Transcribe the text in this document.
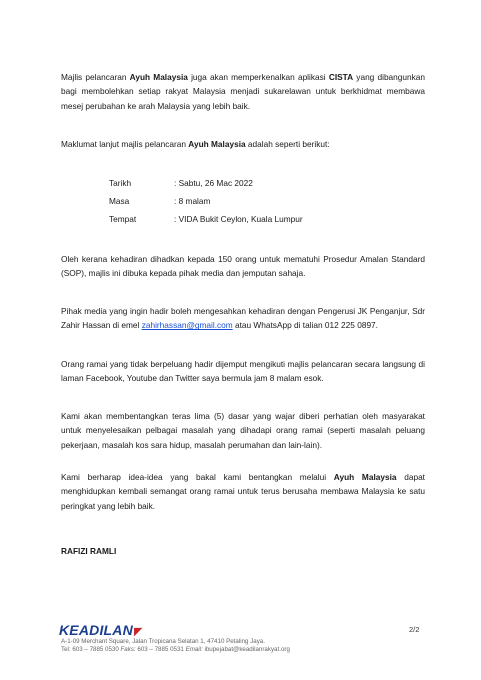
Majlis pelancaran Ayuh Malaysia juga akan memperkenalkan aplikasi CISTA yang dibangunkan bagi membolehkan setiap rakyat Malaysia menjadi sukarelawan untuk berkhidmat membawa mesej perubahan ke arah Malaysia yang lebih baik.

Maklumat lanjut majlis pelancaran Ayuh Malaysia adalah seperti berikut:

Tarikh	: Sabtu, 26 Mac 2022
Masa	: 8 malam
Tempat	: VIDA Bukit Ceylon, Kuala Lumpur

Oleh kerana kehadiran dihadkan kepada 150 orang untuk mematuhi Prosedur Amalan Standard (SOP), majlis ini dibuka kepada pihak media dan jemputan sahaja.

Pihak media yang ingin hadir boleh mengesahkan kehadiran dengan Pengerusi JK Penganjur, Sdr Zahir Hassan di emel zahirhassan@gmail.com atau WhatsApp di talian 012 225 0897.

Orang ramai yang tidak berpeluang hadir dijemput mengikuti majlis pelancaran secara langsung di laman Facebook, Youtube dan Twitter saya bermula jam 8 malam esok.

Kami akan membentangkan teras lima (5) dasar yang wajar diberi perhatian oleh masyarakat untuk menyelesaikan pelbagai masalah yang dihadapi orang ramai (seperti masalah peluang pekerjaan, masalah kos sara hidup, masalah perumahan dan lain-lain).

Kami berharap idea-idea yang bakal kami bentangkan melalui Ayuh Malaysia dapat menghidupkan kembali semangat orang ramai untuk terus berusaha membawa Malaysia ke satu peringkat yang lebih baik.

RAFIZI RAMLI
KEADILAN◤
A-1-09 Merchant Square, Jalan Tropicana Selatan 1, 47410 Petaling Jaya.
Tel: 603 – 7885 0530 Faks: 603 – 7885 0531 Email: ibupejabat@keadilanrakyat.org
2/2
